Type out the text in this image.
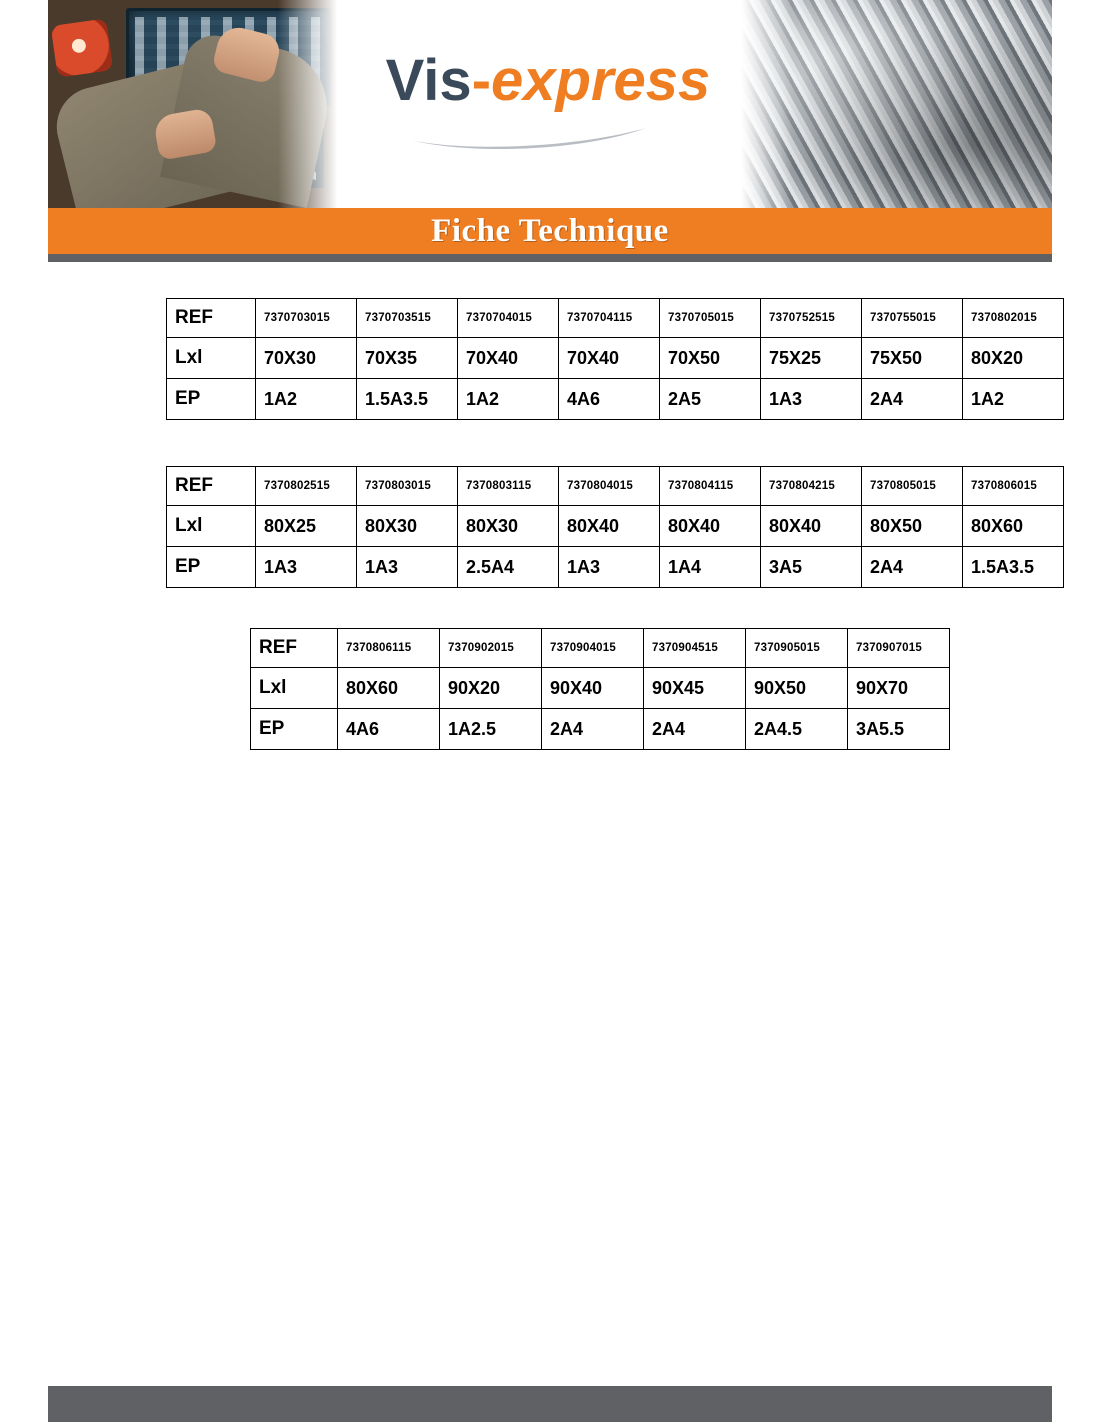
Vis-express
Fiche Technique
REF	7370703015	7370703515	7370704015	7370704115	7370705015	7370752515	7370755015	7370802015
Lxl	70X30	70X35	70X40	70X40	70X50	75X25	75X50	80X20
EP	1A2	1.5A3.5	1A2	4A6	2A5	1A3	2A4	1A2
REF	7370802515	7370803015	7370803115	7370804015	7370804115	7370804215	7370805015	7370806015
Lxl	80X25	80X30	80X30	80X40	80X40	80X40	80X50	80X60
EP	1A3	1A3	2.5A4	1A3	1A4	3A5	2A4	1.5A3.5
REF	7370806115	7370902015	7370904015	7370904515	7370905015	7370907015
Lxl	80X60	90X20	90X40	90X45	90X50	90X70
EP	4A6	1A2.5	2A4	2A4	2A4.5	3A5.5
